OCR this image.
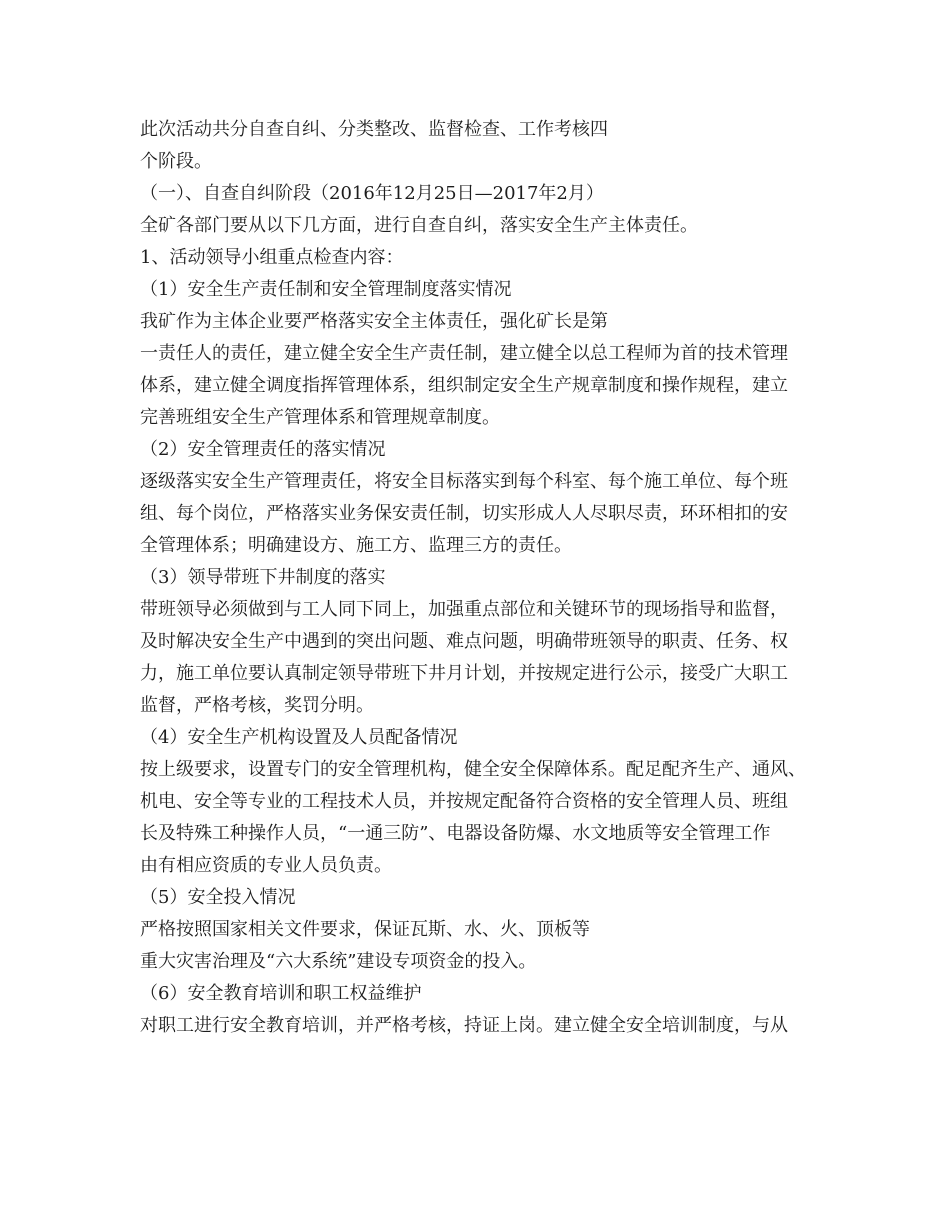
此次活动共分自查自纠、分类整改、监督检查、工作考核四
个阶段。
（一）、自查自纠阶段（2016年12月25日—2017年2月）
全矿各部门要从以下几方面，进行自查自纠，落实安全生产主体责任。
1、活动领导小组重点检查内容：
（1）安全生产责任制和安全管理制度落实情况
我矿作为主体企业要严格落实安全主体责任，强化矿长是第
一责任人的责任，建立健全安全生产责任制，建立健全以总工程师为首的技术管理
体系，建立健全调度指挥管理体系，组织制定安全生产规章制度和操作规程，建立
完善班组安全生产管理体系和管理规章制度。
（2）安全管理责任的落实情况
逐级落实安全生产管理责任，将安全目标落实到每个科室、每个施工单位、每个班
组、每个岗位，严格落实业务保安责任制，切实形成人人尽职尽责，环环相扣的安
全管理体系；明确建设方、施工方、监理三方的责任。
（3）领导带班下井制度的落实
带班领导必须做到与工人同下同上，加强重点部位和关键环节的现场指导和监督，
及时解决安全生产中遇到的突出问题、难点问题，明确带班领导的职责、任务、权
力，施工单位要认真制定领导带班下井月计划，并按规定进行公示，接受广大职工
监督，严格考核，奖罚分明。
（4）安全生产机构设置及人员配备情况
按上级要求，设置专门的安全管理机构，健全安全保障体系。配足配齐生产、通风、
机电、安全等专业的工程技术人员，并按规定配备符合资格的安全管理人员、班组
长及特殊工种操作人员，“一通三防”、电器设备防爆、水文地质等安全管理工作
由有相应资质的专业人员负责。
（5）安全投入情况
严格按照国家相关文件要求，保证瓦斯、水、火、顶板等
重大灾害治理及“六大系统”建设专项资金的投入。
（6）安全教育培训和职工权益维护
对职工进行安全教育培训，并严格考核，持证上岗。建立健全安全培训制度，与从
